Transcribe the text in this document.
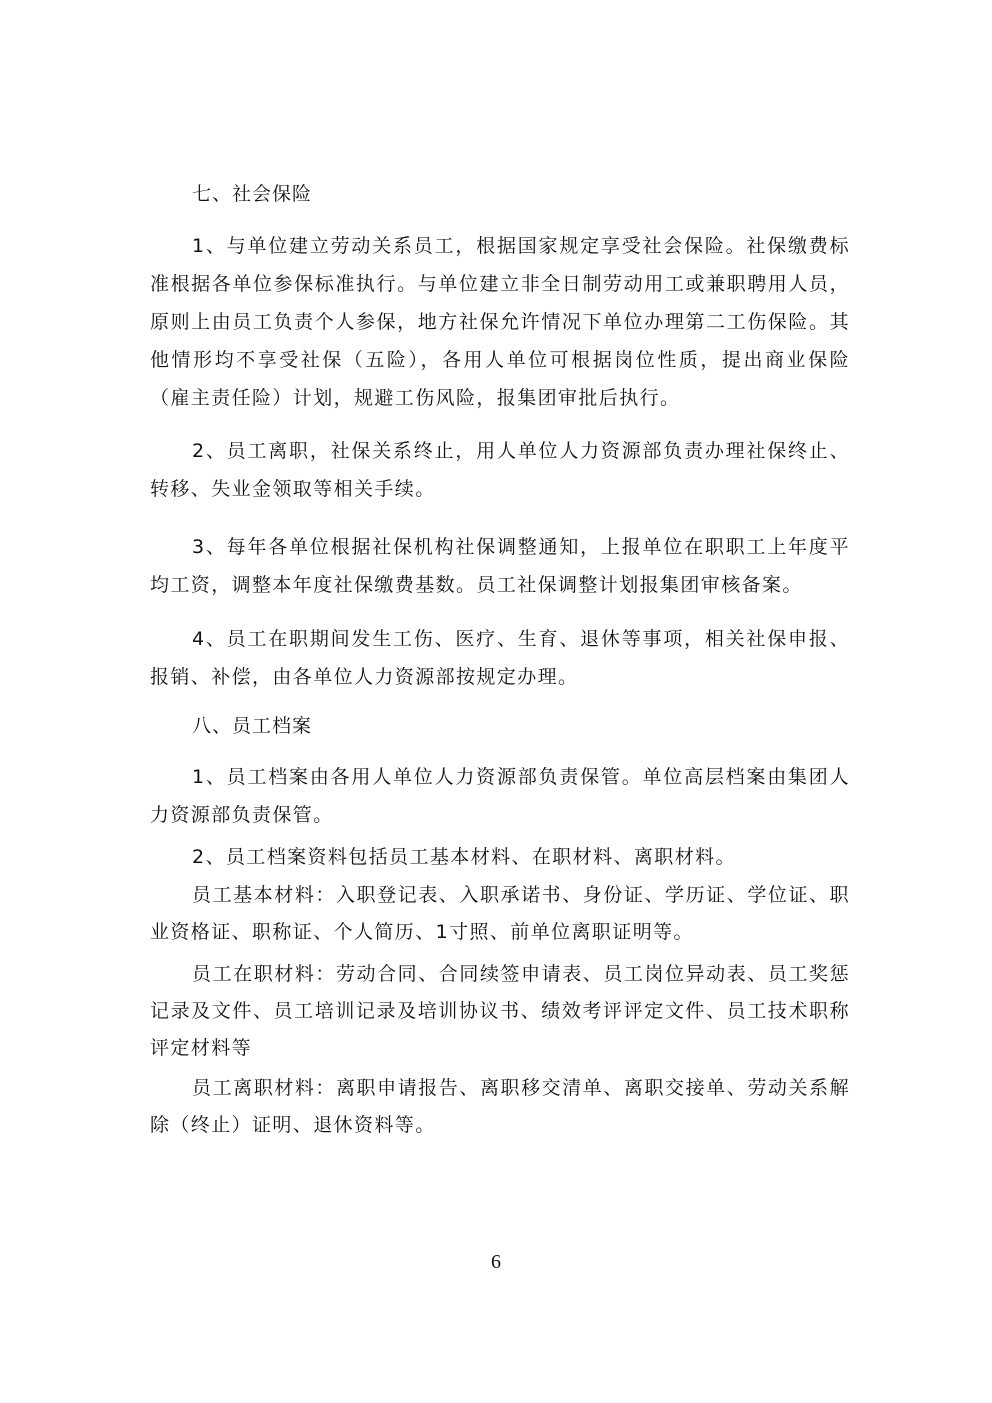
七、社会保险

1、与单位建立劳动关系员工，根据国家规定享受社会保险。社保缴费标准根据各单位参保标准执行。与单位建立非全日制劳动用工或兼职聘用人员，原则上由员工负责个人参保，地方社保允许情况下单位办理第二工伤保险。其他情形均不享受社保（五险），各用人单位可根据岗位性质，提出商业保险（雇主责任险）计划，规避工伤风险，报集团审批后执行。

2、员工离职，社保关系终止，用人单位人力资源部负责办理社保终止、转移、失业金领取等相关手续。

3、每年各单位根据社保机构社保调整通知，上报单位在职职工上年度平均工资，调整本年度社保缴费基数。员工社保调整计划报集团审核备案。

4、员工在职期间发生工伤、医疗、生育、退休等事项，相关社保申报、报销、补偿，由各单位人力资源部按规定办理。

八、员工档案

1、员工档案由各用人单位人力资源部负责保管。单位高层档案由集团人力资源部负责保管。

2、员工档案资料包括员工基本材料、在职材料、离职材料。

员工基本材料：入职登记表、入职承诺书、身份证、学历证、学位证、职业资格证、职称证、个人简历、1寸照、前单位离职证明等。

员工在职材料：劳动合同、合同续签申请表、员工岗位异动表、员工奖惩记录及文件、员工培训记录及培训协议书、绩效考评评定文件、员工技术职称评定材料等

员工离职材料：离职申请报告、离职移交清单、离职交接单、劳动关系解除（终止）证明、退休资料等。

6
